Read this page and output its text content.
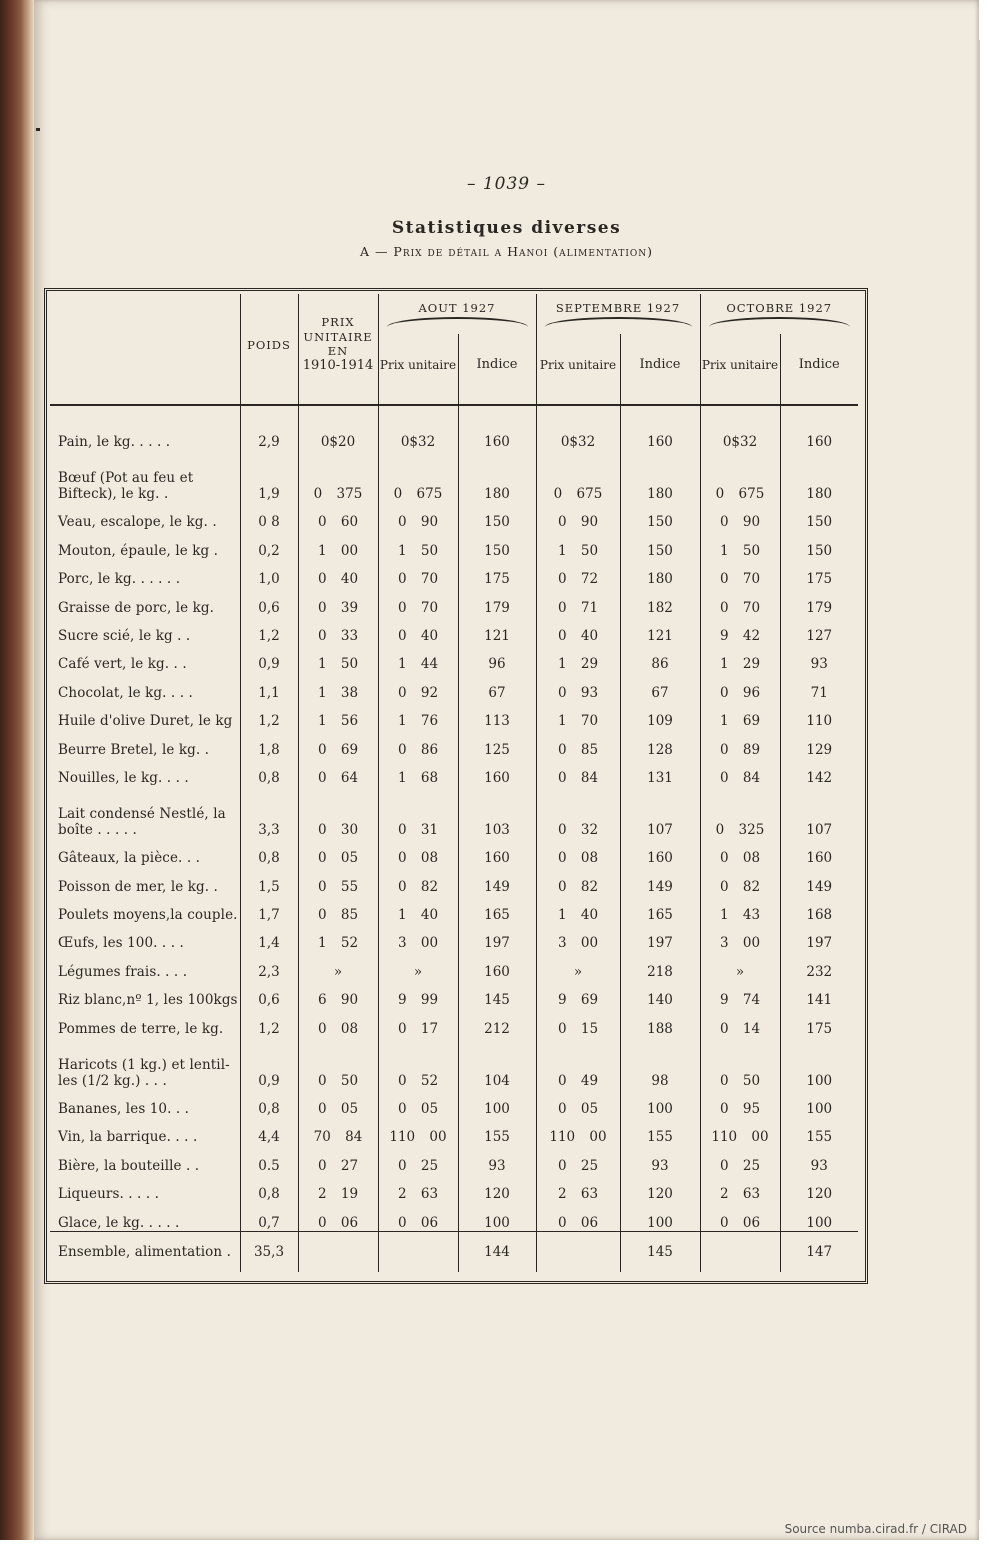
– 1039 –
Statistiques diverses
A — Prix de détail a Hanoi (alimentation)
	POIDS	PRIX
UNITAIRE
EN
1910-1914	AOUT 1927		SEPTEMBRE 1927		OCTOBRE 1927	

			Prix unitaire	Indice	Prix unitaire	Indice	Prix unitaire	Indice

Pain, le kg. . . . .	2,9	0$20	0$32	160	0$32	160	0$32	160

Bœuf (Pot au feu et
Bifteck), le kg. .	1,9	0 375	0 675	180	0 675	180	0 675	180
Veau, escalope, le kg. .	0 8	0 60	0 90	150	0 90	150	0 90	150
Mouton, épaule, le kg .	0,2	1 00	1 50	150	1 50	150	1 50	150
Porc, le kg. . . . . .	1,0	0 40	0 70	175	0 72	180	0 70	175
Graisse de porc, le kg.	0,6	0 39	0 70	179	0 71	182	0 70	179
Sucre scié, le kg . .	1,2	0 33	0 40	121	0 40	121	9 42	127
Café vert, le kg. . .	0,9	1 50	1 44	96	1 29	86	1 29	93
Chocolat, le kg. . . .	1,1	1 38	0 92	67	0 93	67	0 96	71
Huile d'olive Duret, le kg	1,2	1 56	1 76	113	1 70	109	1 69	110
Beurre Bretel, le kg. .	1,8	0 69	0 86	125	0 85	128	0 89	129
Nouilles, le kg. . . .	0,8	0 64	1 68	160	0 84	131	0 84	142

Lait condensé Nestlé, la
boîte . . . . .	3,3	0 30	0 31	103	0 32	107	0 325	107
Gâteaux, la pièce. . .	0,8	0 05	0 08	160	0 08	160	0 08	160
Poisson de mer, le kg. .	1,5	0 55	0 82	149	0 82	149	0 82	149
Poulets moyens,la couple.	1,7	0 85	1 40	165	1 40	165	1 43	168
Œufs, les 100. . . .	1,4	1 52	3 00	197	3 00	197	3 00	197
Légumes frais. . . .	2,3	»	»	160	»	218	»	232
Riz blanc,nº 1, les 100kgs	0,6	6 90	9 99	145	9 69	140	9 74	141
Pommes de terre, le kg.	1,2	0 08	0 17	212	0 15	188	0 14	175

Haricots (1 kg.) et lentil-
les (1/2 kg.) . . .	0,9	0 50	0 52	104	0 49	98	0 50	100
Bananes, les 10. . .	0,8	0 05	0 05	100	0 05	100	0 95	100
Vin, la barrique. . . .	4,4	70 84	110 00	155	110 00	155	110 00	155
Bière, la bouteille . .	0.5	0 27	0 25	93	0 25	93	0 25	93
Liqueurs. . . . .	0,8	2 19	2 63	120	2 63	120	2 63	120
Glace, le kg. . . . .	0,7	0 06	0 06	100	0 06	100	0 06	100
Ensemble, alimentation .	35,3			144		145		147
Source numba.cirad.fr / CIRAD
